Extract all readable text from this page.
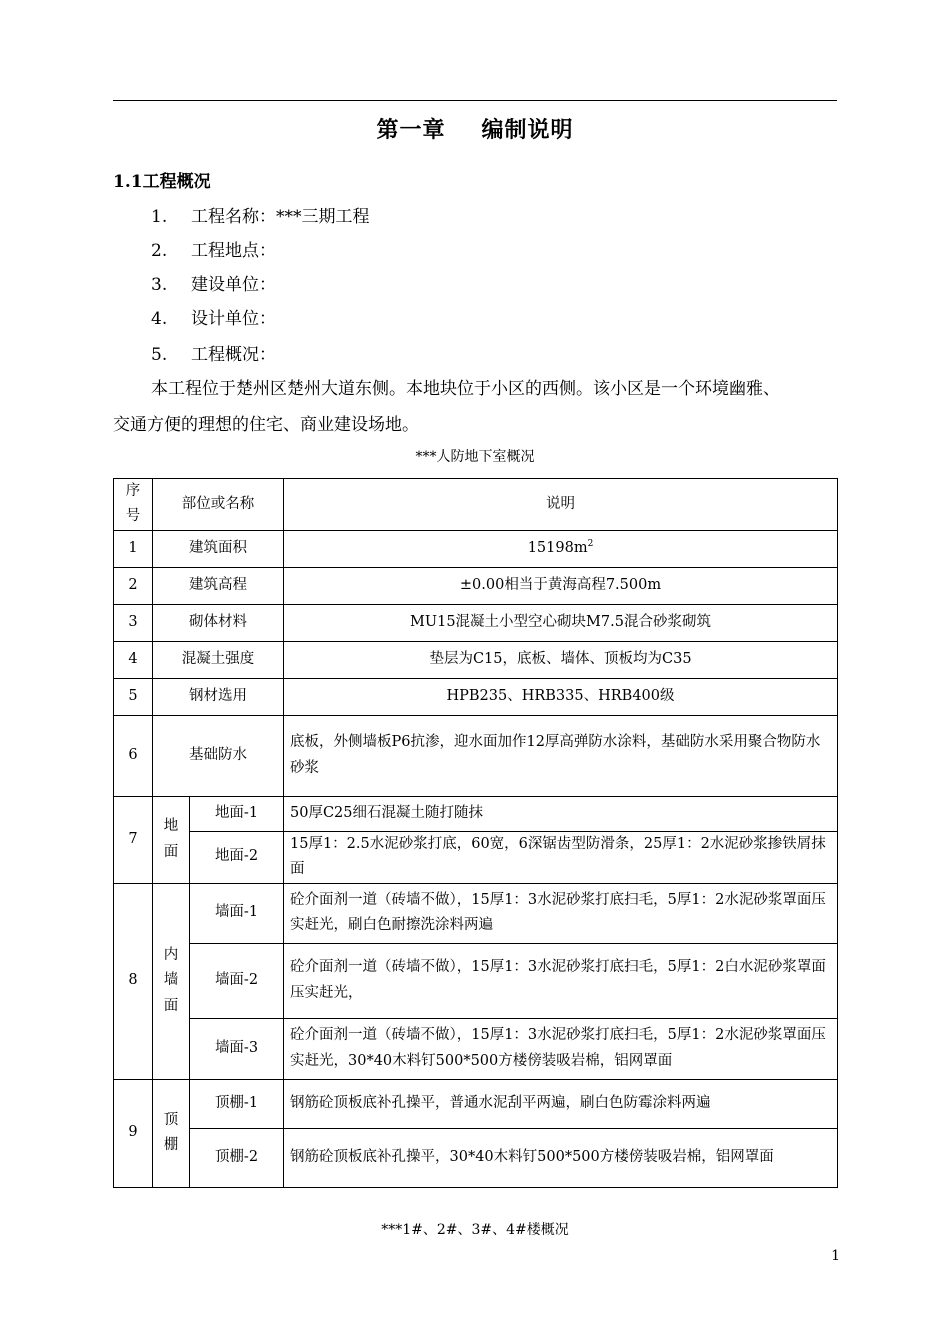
第一章 编制说明
1.1工程概况
1. 工程名称：***三期工程
2. 工程地点：
3. 建设单位：
4. 设计单位：
5. 工程概况：
本工程位于楚州区楚州大道东侧。本地块位于小区的西侧。该小区是一个环境幽雅、
交通方便的理想的住宅、商业建设场地。
***人防地下室概况
序号	部位或名称		说明
1	建筑面积		$15198m^2$
2	建筑高程		±0.00相当于黄海高程7.500m
3	砌体材料		MU15混凝土小型空心砌块M7.5混合砂浆砌筑
4	混凝土强度		垫层为C15，底板、墙体、顶板均为C35
5	钢材选用		HPB235、HRB335、HRB400级
6	基础防水		底板，外侧墙板P6抗渗，迎水面加作12厚高弹防水涂料，基础防水采用聚合物防水砂浆
7	地面	地面-1	50厚C25细石混凝土随打随抹
		地面-2	15厚1：2.5水泥砂浆打底，60宽，6深锯齿型防滑条，25厚1：2水泥砂浆掺铁屑抹面
8	内墙面	墙面-1	砼介面剂一道（砖墙不做），15厚1：3水泥砂浆打底扫毛，5厚1：2水泥砂浆罩面压实赶光，刷白色耐擦洗涂料两遍
		墙面-2	砼介面剂一道（砖墙不做），15厚1：3水泥砂浆打底扫毛，5厚1：2白水泥砂浆罩面压实赶光，
		墙面-3	砼介面剂一道（砖墙不做），15厚1：3水泥砂浆打底扫毛，5厚1：2水泥砂浆罩面压实赶光，30*40木料钉500*500方楼傍装吸岩棉，铝网罩面
9	顶棚	顶棚-1	钢筋砼顶板底补孔操平，普通水泥刮平两遍，刷白色防霉涂料两遍
		顶棚-2	钢筋砼顶板底补孔操平，30*40木料钉500*500方楼傍装吸岩棉，铝网罩面
***1#、2#、3#、4#楼概况
1
